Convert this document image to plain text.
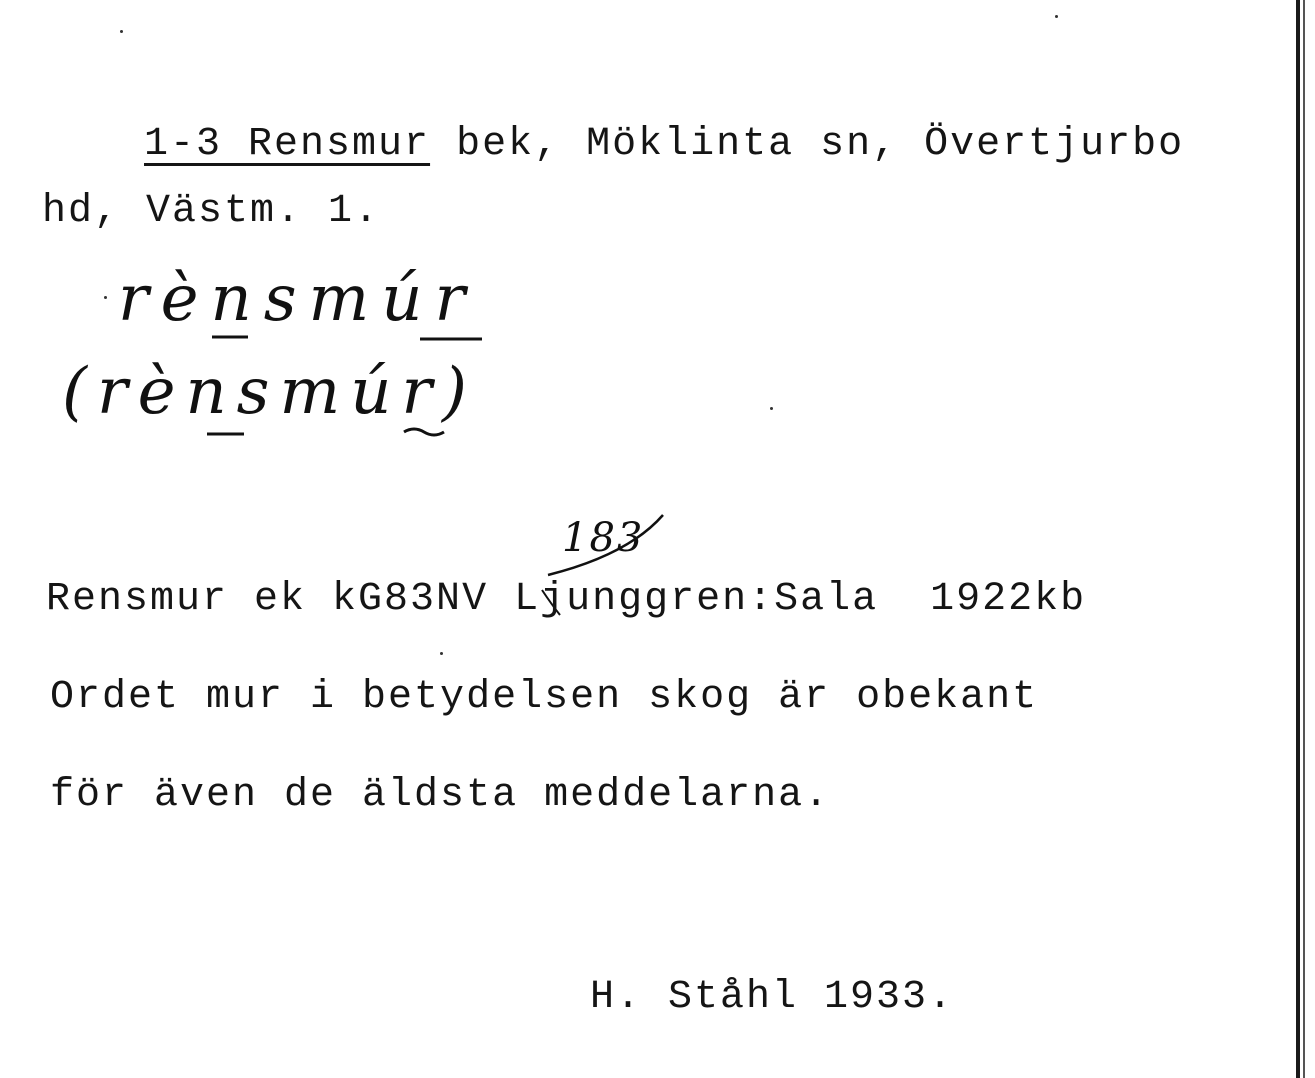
1-3 Rensmur bek, Möklinta sn, Övertjurbo

hd, Västm. 1.
rènsmúr
(rènsmúr)
183
Rensmur ek kG83NV Ljunggren:Sala  1922kb
Ordet mur i betydelsen skog är obekant
för även de äldsta meddelarna.
H. Ståhl 1933.
